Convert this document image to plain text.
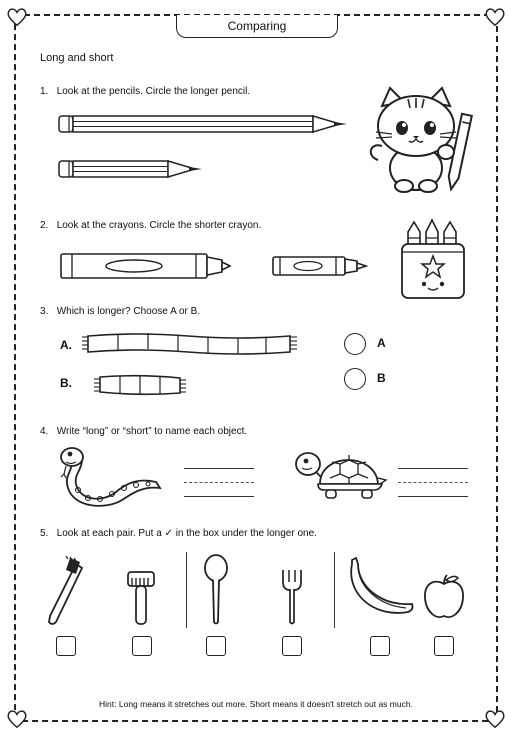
Comparing
Long and short
1. Look at the pencils. Circle the longer pencil.
2. Look at the crayons. Circle the shorter crayon.
3. Which is longer? Choose A or B.
A.
B.
A
B
4. Write “long” or “short” to name each object.
5. Look at each pair. Put a ✓ in the box under the longer one.
Hint: Long means it stretches out more. Short means it doesn't stretch out as much.
